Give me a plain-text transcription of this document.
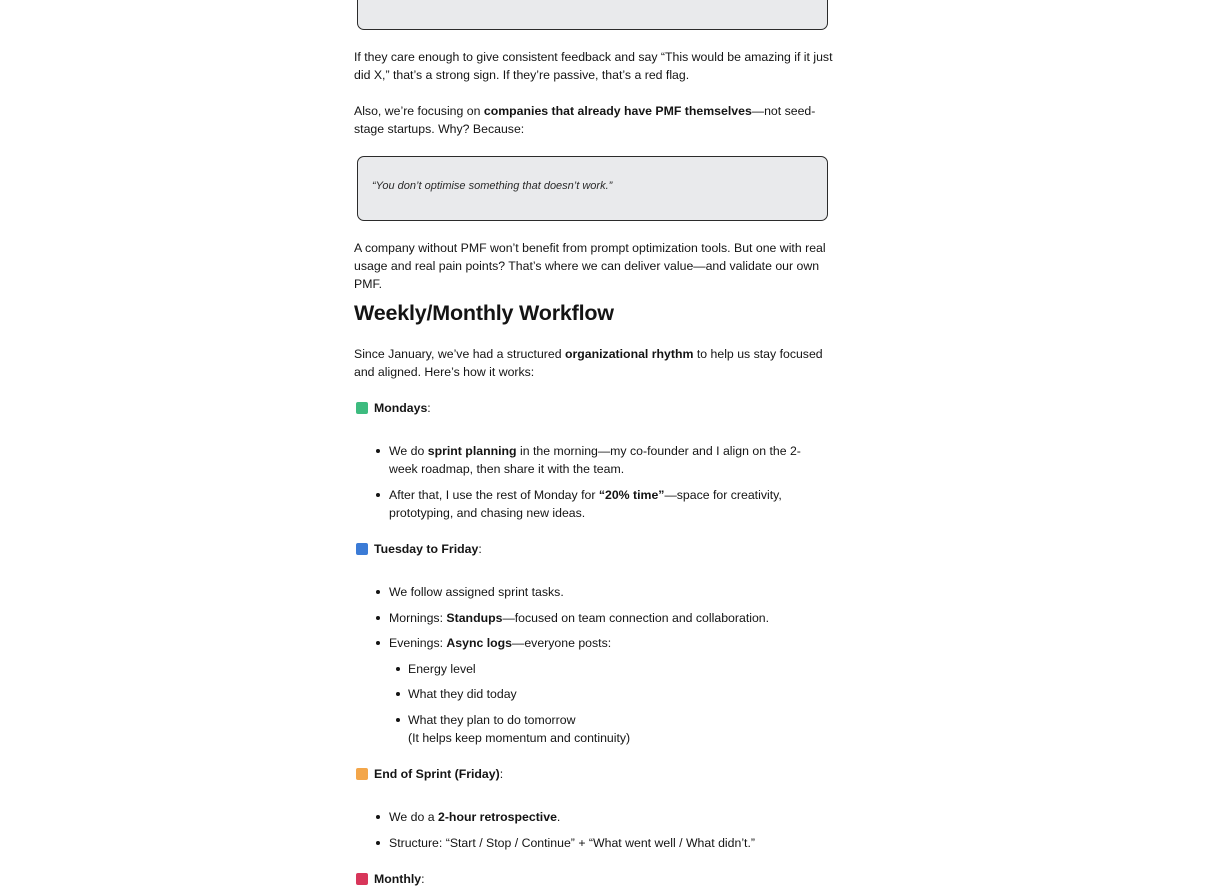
If they care enough to give consistent feedback and say “This would be amazing if it just did X,” that’s a strong sign. If they’re passive, that’s a red flag.

Also, we’re focusing on companies that already have PMF themselves—not seed-stage startups. Why? Because:

“You don’t optimise something that doesn’t work.”

A company without PMF won’t benefit from prompt optimization tools. But one with real usage and real pain points? That’s where we can deliver value—and validate our own PMF.

Weekly/Monthly Workflow

Since January, we’ve had a structured organizational rhythm to help us stay focused and aligned. Here’s how it works:

Mondays :

We do sprint planning in the morning—my co-founder and I align on the 2-week roadmap, then share it with the team.

After that, I use the rest of Monday for “20% time”—space for creativity, prototyping, and chasing new ideas.

Tuesday to Friday :

We follow assigned sprint tasks.

Mornings: Standups—focused on team connection and collaboration.

Evenings: Async logs—everyone posts:

Energy level

What they did today

What they plan to do tomorrow
(It helps keep momentum and continuity)

End of Sprint (Friday) :

We do a 2-hour retrospective.

Structure: “Start / Stop / Continue” + “What went well / What didn’t.”

Monthly :
